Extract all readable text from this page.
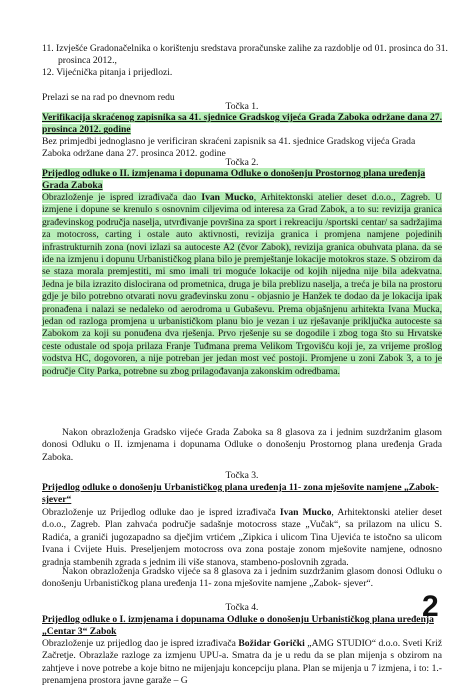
11. Izvješće Gradonačelnika o korištenju sredstava proračunske zalihe za razdoblje od 01. prosinca do 31. prosinca 2012.,
12. Vijećnička pitanja i prijedlozi.
Prelazi se na rad po dnevnom redu
Točka 1.
Verifikacija skraćenog zapisnika sa 41. sjednice Gradskog vijeća Grada Zaboka održane dana 27. prosinca 2012. godine
Bez primjedbi jednoglasno je verificiran skraćeni zapisnik sa 41. sjednice Gradskog vijeća Grada Zaboka održane dana 27. prosinca 2012. godine
Točka 2.
Prijedlog odluke o II. izmjenama i dopunama Odluke o donošenju Prostornog plana uređenja Grada Zaboka
Obrazloženje je ispred izrađivača dao Ivan Mucko, Arhitektonski atelier deset d.o.o., Zagreb. U izmjene i dopune se krenulo s osnovnim ciljevima od interesa za Grad Zabok, a to su: revizija granica građevinskog područja naselja, utvrđivanje površina za sport i rekreaciju /sportski centar/ sa sadržajima za motocross, carting i ostale auto aktivnosti, revizija granica i promjena namjene pojedinih infrastrukturnih zona (novi izlazi sa autoceste A2 (čvor Zabok), revizija granica obuhvata plana. da se ide na izmjenu i dopunu Urbanističkog plana bilo je premještanje lokacije motokros staze. S obzirom da se staza morala premjestiti, mi smo imali tri moguće lokacije od kojih nijedna nije bila adekvatna. Jedna je bila izrazito dislocirana od prometnica, druga je bila preblizu naselja, a treća je bila na prostoru gdje je bilo potrebno otvarati novu građevinsku zonu - objasnio je Hanžek te dodao da je lokacija ipak pronađena i nalazi se nedaleko od aerodroma u Gubaševu. Prema objašnjenu arhitekta Ivana Mucka, jedan od razloga promjena u urbanističkom planu bio je vezan i uz rješavanje priključka autoceste sa Zabokom za koji su ponuđena dva rješenja. Prvo rješenje su se dogodile i zbog toga što su Hrvatske ceste odustale od spoja prilaza Franje Tuđmana prema Velikom Trgovišću koji je, za vrijeme prošlog vodstva HC, dogovoren, a nije potreban jer jedan most već postoji. Promjene u zoni Zabok 3, a to je područje City Parka, potrebne su zbog prilagođavanja zakonskim odredbama.
Nakon obrazloženja Gradsko vijeće Grada Zaboka sa 8 glasova za i jednim suzdržanim glasom donosi Odluku o II. izmjenama i dopunama Odluke o donošenju Prostornog plana uređenja Grada Zaboka.
Točka 3.
Prijedlog odluke o donošenju Urbanističkog plana uređenja 11- zona mješovite namjene „Zabok- sjever“
Obrazloženje uz Prijedlog odluke dao je ispred izrađivača Ivan Mucko, Arhitektonski atelier deset d.o.o., Zagreb. Plan zahvaća područje sadašnje motocross staze „Vučak“, sa prilazom na ulicu S. Radića, a graniči jugozapadno sa dječjim vrtićem „Zipkica i ulicom Tina Ujevića te istočno sa ulicom Ivana i Cvijete Huis. Preseljenjem motocross ova zona postaje zonom mješovite namjene, odnosno gradnja stambenih zgrada s jednim ili više stanova, stambeno-poslovnih zgrada.
Nakon obrazloženja Gradsko vijeće sa 8 glasova za i jednim suzdržanim glasom donosi Odluku o donošenju Urbanističkog plana uređenja 11- zona mješovite namjene „Zabok- sjever“.
Točka 4.
Prijedlog odluke o I. izmjenama i dopunama Odluke o donošenju Urbanističkog plana uređenja „Centar 3“ Zabok
Obrazloženje uz prijedlog dao je ispred izrađivača Božidar Gorički „AMG STUDIO“ d.o.o. Sveti Križ Začretje. Obrazlaže razloge za izmjenu UPU-a. Smatra da je u redu da se plan mijenja s obzirom na zahtjeve i nove potrebe a koje bitno ne mijenjaju koncepciju plana. Plan se mijenja u 7 izmjena, i to: 1.- prenamjena prostora javne garaže – G
2
